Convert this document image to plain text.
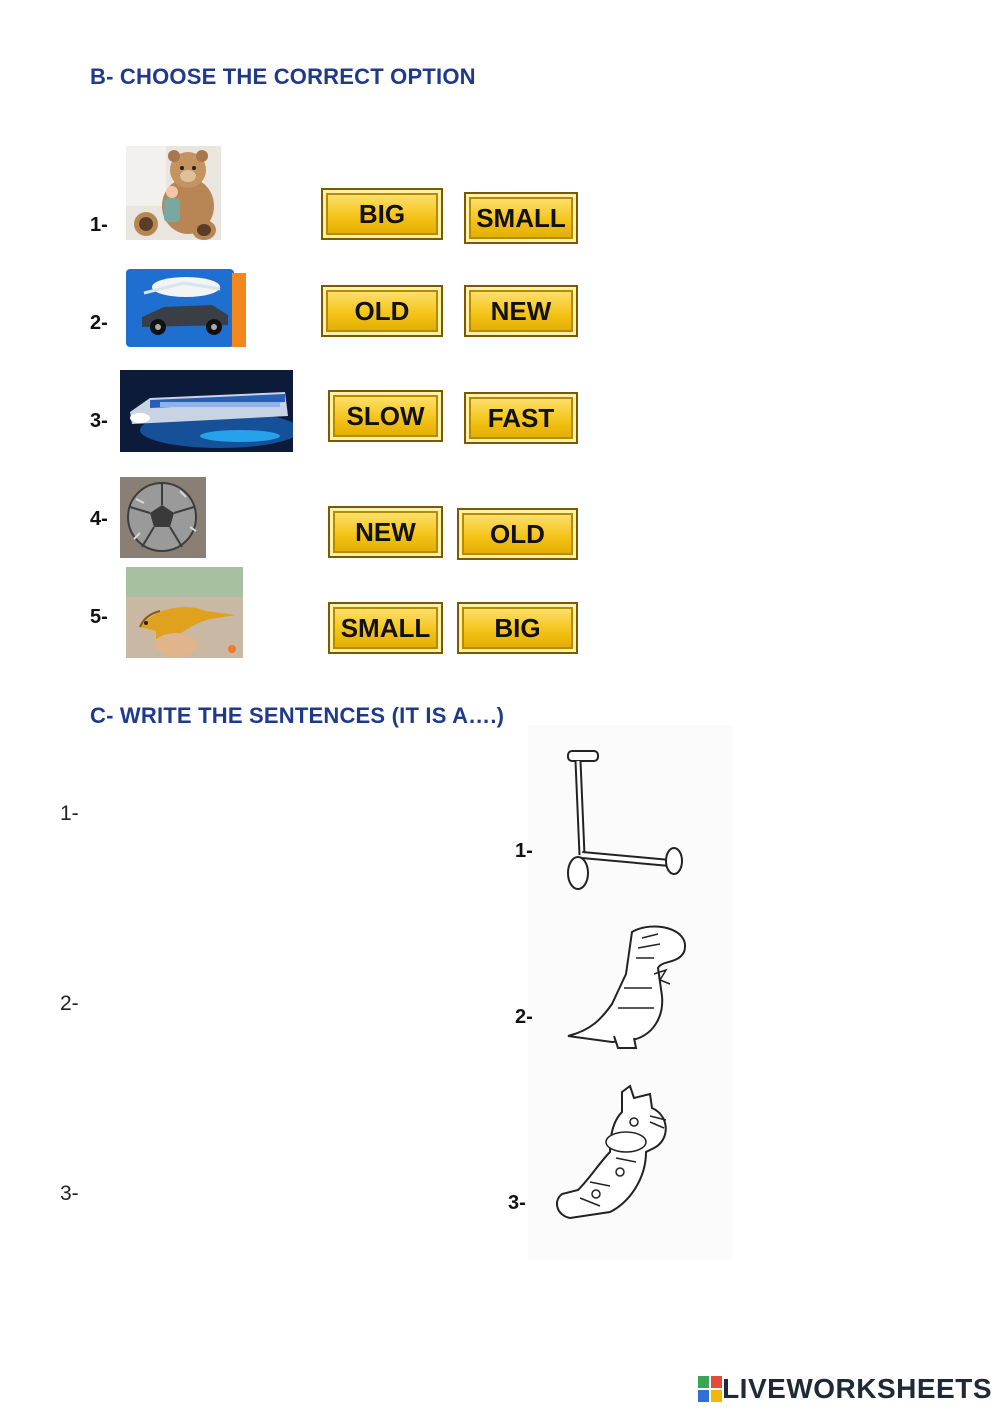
B- CHOOSE THE CORRECT OPTION
1-	BIG	SMALL
2-	OLD	NEW
3-	SLOW	FAST
4-	NEW	OLD
5-	SMALL	BIG
C- WRITE THE SENTENCES (IT IS A….)
1-
2-
3-
1-
2-
3-
LIVEWORKSHEETS
